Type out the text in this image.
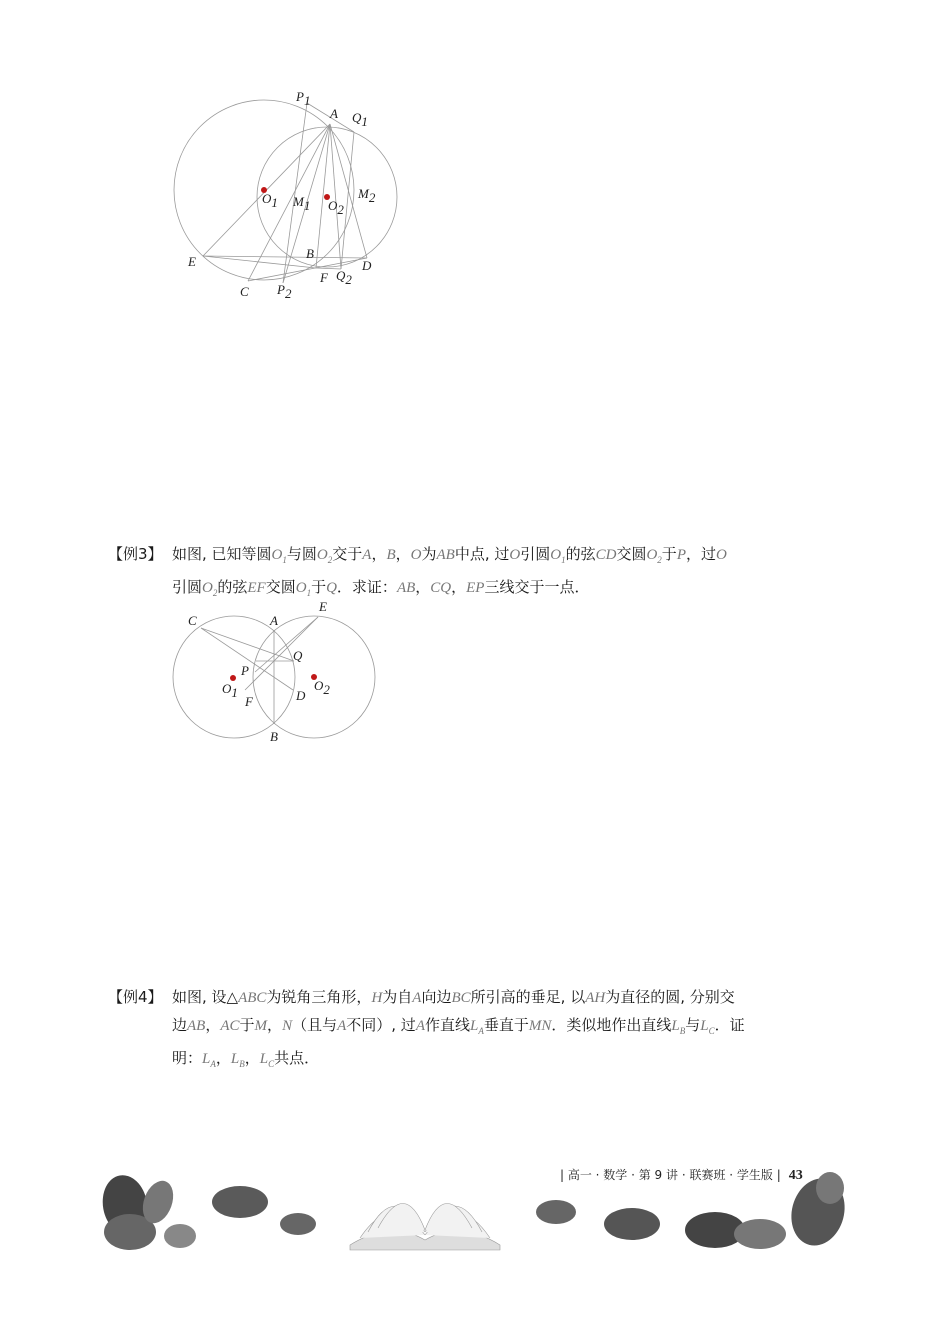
P1
A Q1
O1 M1 O2
M2
E
B
D
C P2
F Q2
【例3】 如图, 已知等圆$O_1$与圆$O_2$交于A，B，O为AB中点, 过O引圆$O_1$的弦CD交圆$O_2$于P，过O
引圆$O_2$的弦EF交圆$O_1$于Q．求证：AB，CQ，EP三线交于一点．
C	A
E
Q
P
O1	O2
F	D
B
【例4】 如图, 设△ABC为锐角三角形，H为自A向边BC所引高的垂足, 以AH为直径的圆, 分别交
边AB，AC于M，N（且与A不同）, 过A作直线$L_A$垂直于MN．类似地作出直线$L_B$与$L_C$．证
明：$L_A$，$L_B$，$L_C$共点．
| 高一 · 数学 · 第 9 讲 · 联赛班 · 学生版 | 43
